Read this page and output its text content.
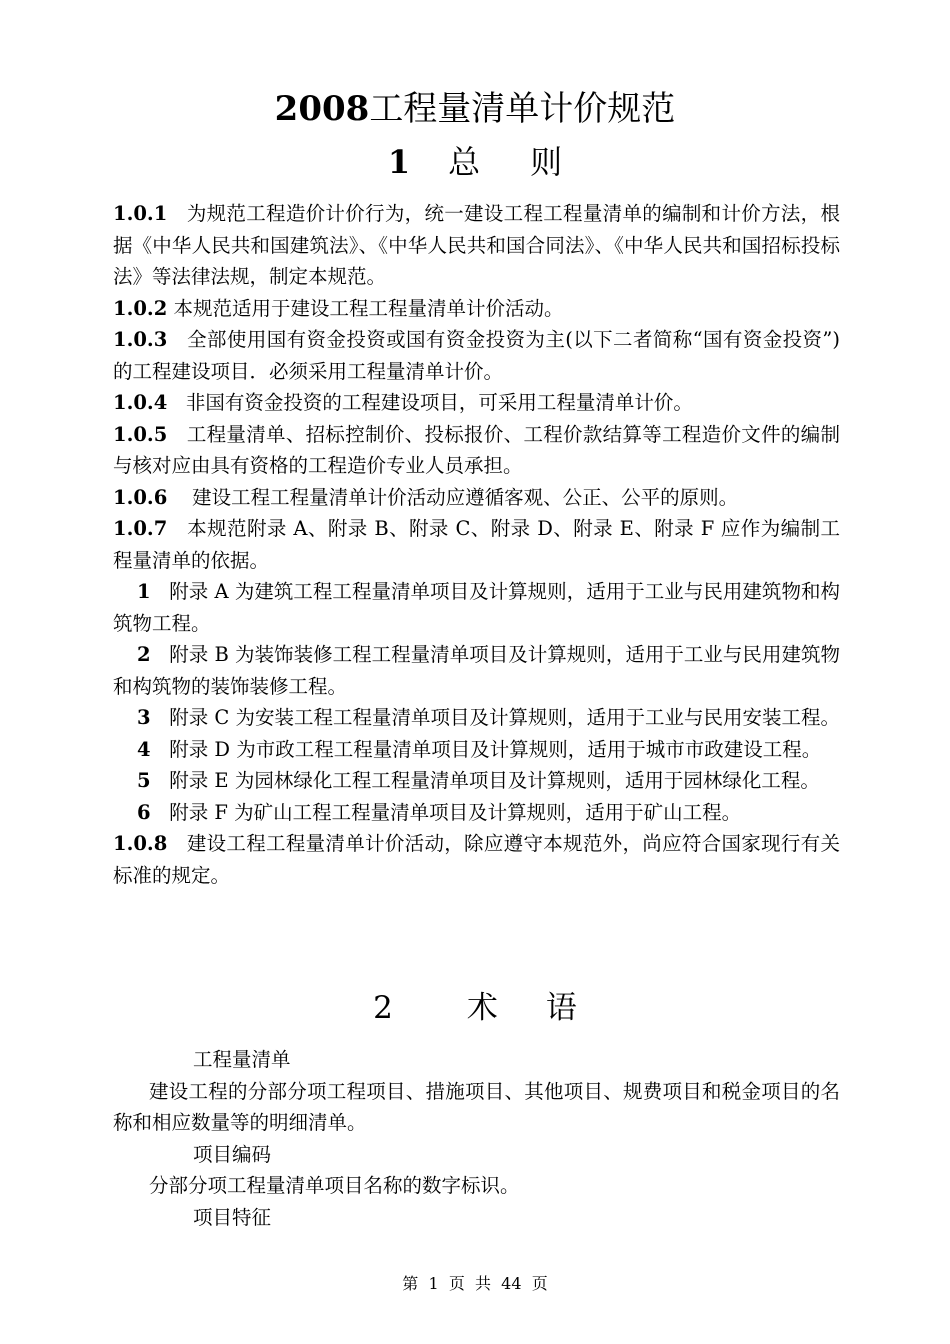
2008工程量清单计价规范
1 总 则

1.0.1 为规范工程造价计价行为，统一建设工程工程量清单的编制和计价方法，根据《中华人民共和国建筑法》、《中华人民共和国合同法》、《中华人民共和国招标投标法》等法律法规，制定本规范。

1.0.2 本规范适用于建设工程工程量清单计价活动。

1.0.3 全部使用国有资金投资或国有资金投资为主(以下二者简称“国有资金投资”)的工程建设项目．必须采用工程量清单计价。

1.0.4 非国有资金投资的工程建设项目，可采用工程量清单计价。

1.0.5 工程量清单、招标控制价、投标报价、工程价款结算等工程造价文件的编制与核对应由具有资格的工程造价专业人员承担。

1.0.6 建设工程工程量清单计价活动应遵循客观、公正、公平的原则。

1.0.7 本规范附录 A、附录 B、附录 C、附录 D、附录 E、附录 F 应作为编制工程量清单的依据。

1 附录 A 为建筑工程工程量清单项目及计算规则，适用于工业与民用建筑物和构筑物工程。

2 附录 B 为装饰装修工程工程量清单项目及计算规则，适用于工业与民用建筑物和构筑物的装饰装修工程。

3 附录 C 为安装工程工程量清单项目及计算规则，适用于工业与民用安装工程。

4 附录 D 为市政工程工程量清单项目及计算规则，适用于城市市政建设工程。

5 附录 E 为园林绿化工程工程量清单项目及计算规则，适用于园林绿化工程。

6 附录 F 为矿山工程工程量清单项目及计算规则，适用于矿山工程。

1.0.8 建设工程工程量清单计价活动，除应遵守本规范外，尚应符合国家现行有关标准的规定。

2 术 语

工程量清单

建设工程的分部分项工程项目、措施项目、其他项目、规费项目和税金项目的名称和相应数量等的明细清单。

项目编码

分部分项工程量清单项目名称的数字标识。

项目特征

第  1  页  共  44  页
